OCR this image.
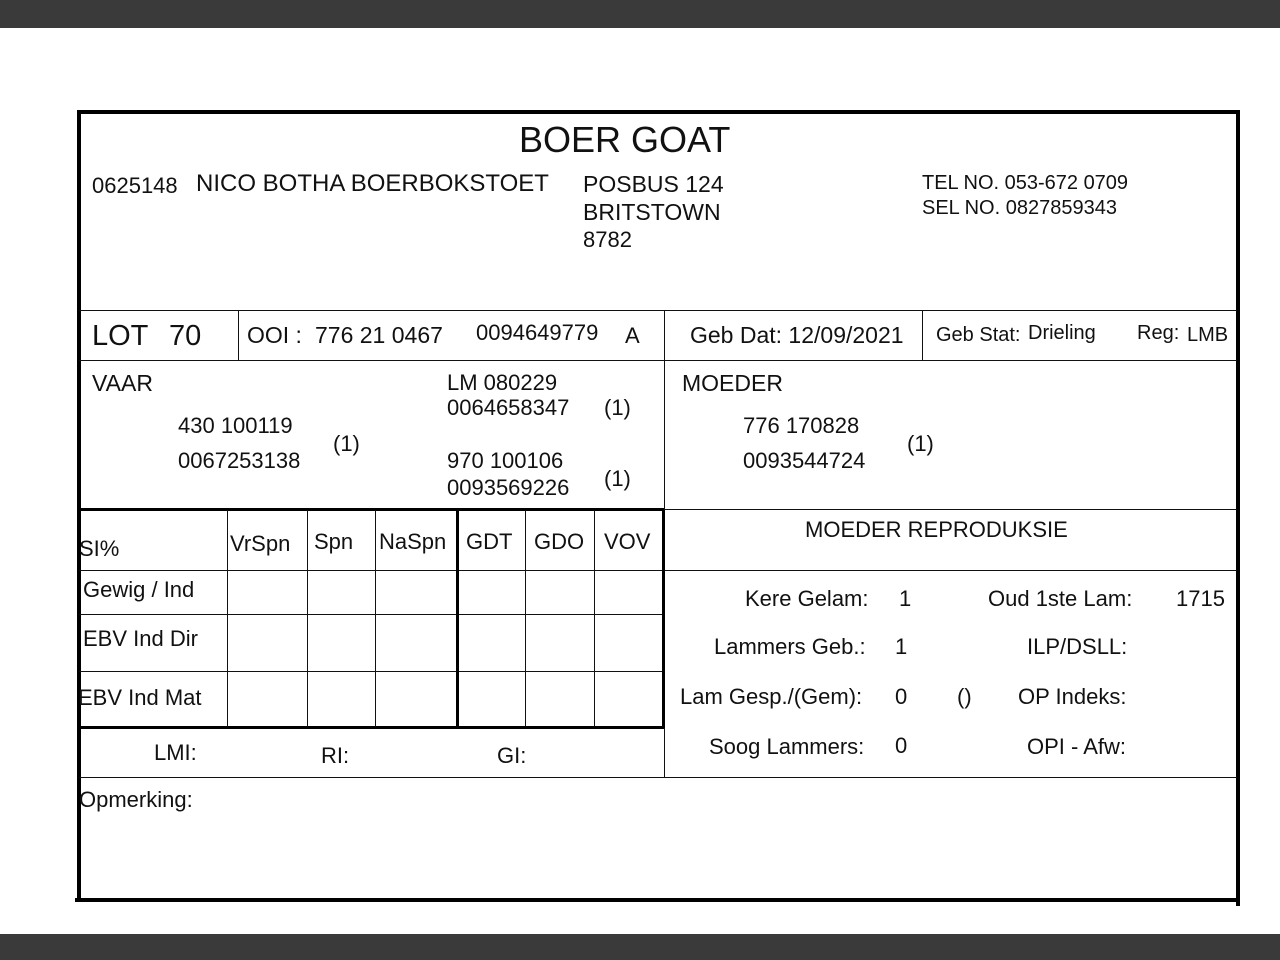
BOER GOAT
0625148 NICO BOTHA BOERBOKSTOET POSBUS 124
BRITSTOWN
8782
TEL NO. 053-672 0709
SEL NO. 0827859343
LOT 70 OOI : 776 21 0467 0094649779 A Geb Dat: 12/09/2021 Geb Stat: Drieling Reg: LMB
VAAR
430 100119
0067253138
(1)
LM 080229
0064658347 (1)
970 100106
0093569226 (1)
MOEDER
776 170828
0093544724
(1)
SI%	VrSpn Spn NaSpn GDT GDO VOV
Gewig / Ind
EBV Ind Dir
EBV Ind Mat
LMI:	RI:	GI:
MOEDER REPRODUKSIE
Kere Gelam: 1	Oud 1ste Lam: 1715
Lammers Geb.: 1	ILP/DSLL:
Lam Gesp./(Gem): 0 () OP Indeks:
Soog Lammers: 0	OPI - Afw:
Opmerking:
